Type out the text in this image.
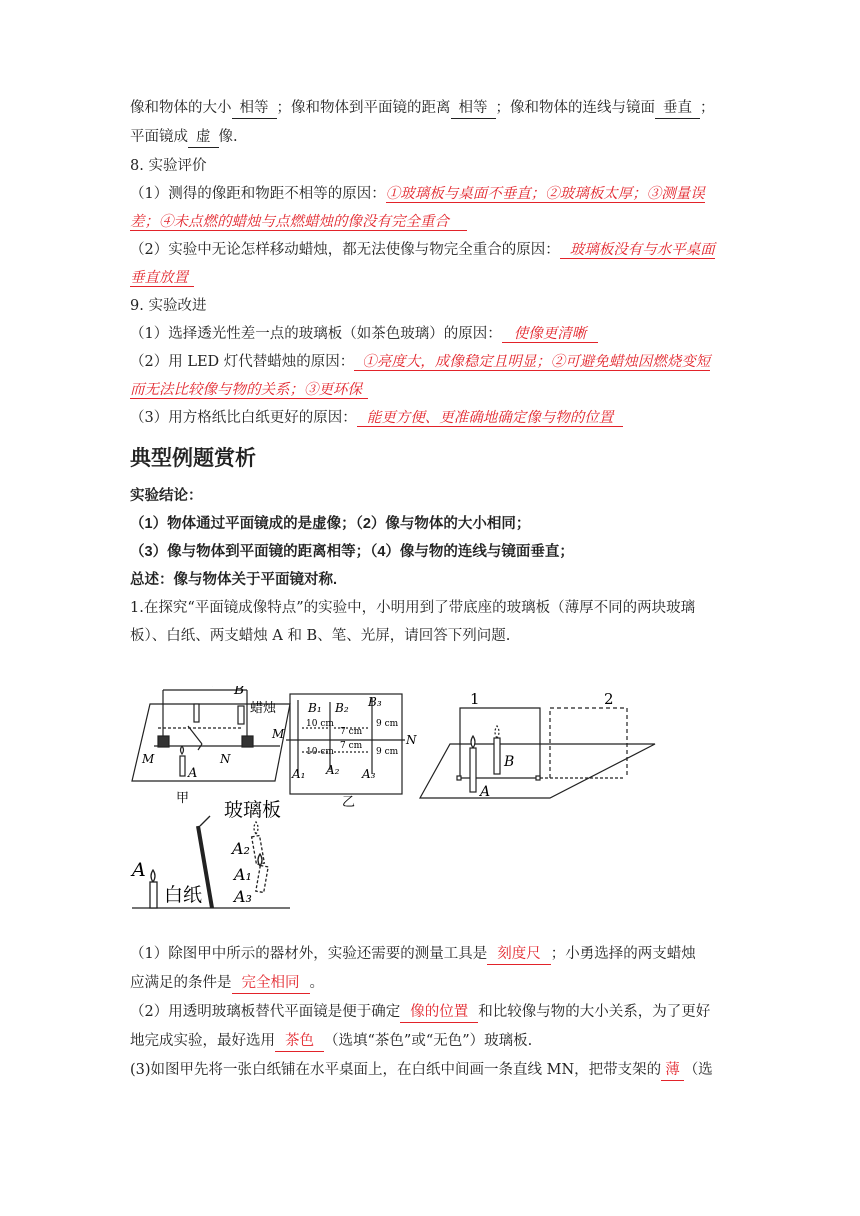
像和物体的大小 相等 ；像和物体到平面镜的距离 相等 ；像和物体的连线与镜面 垂直 ；
平面镜成 虚 像.
8. 实验评价
（1）测得的像距和物距不相等的原因：①玻璃板与桌面不垂直；②玻璃板太厚；③测量误
差；④未点燃的蜡烛与点燃蜡烛的像没有完全重合
（2）实验中无论怎样移动蜡烛，都无法使像与物完全重合的原因： 玻璃板没有与水平桌面
垂直放置
9. 实验改进
（1）选择透光性差一点的玻璃板（如茶色玻璃）的原因： 使像更清晰
（2）用 LED 灯代替蜡烛的原因： ①亮度大，成像稳定且明显；②可避免蜡烛因燃烧变短
而无法比较像与物的关系；③更环保
（3）用方格纸比白纸更好的原因： 能更方便、更准确地确定像与物的位置
典型例题赏析
实验结论：
（1）物体通过平面镜成的是虚像；（2）像与物体的大小相同；
（3）像与物体到平面镜的距离相等；（4）像与物的连线与镜面垂直；
总述：像与物体关于平面镜对称.
1.在探究“平面镜成像特点”的实验中，小明用到了带底座的玻璃板（薄厚不同的两块玻璃
板）、白纸、两支蜡烛 A 和 B、笔、光屏，请回答下列问题.
B
蜡烛
M	N
A
甲
B₁ B₂ B₃
10 cm
7 cm
9 cm
10 cm
7 cm
9 cm
M	N
A₁ A₂ A₃
乙
1	2
B
A
玻璃板
A
白纸
A₂
A₁
A₃
（1）除图甲中所示的器材外，实验还需要的测量工具是 刻度尺 ；小勇选择的两支蜡烛
应满足的条件是 完全相同 。
（2）用透明玻璃板替代平面镜是便于确定 像的位置 和比较像与物的大小关系，为了更好
地完成实验，最好选用 茶色 （选填“茶色”或“无色”）玻璃板.
(3)如图甲先将一张白纸铺在水平桌面上，在白纸中间画一条直线 MN，把带支架的 薄 （选
